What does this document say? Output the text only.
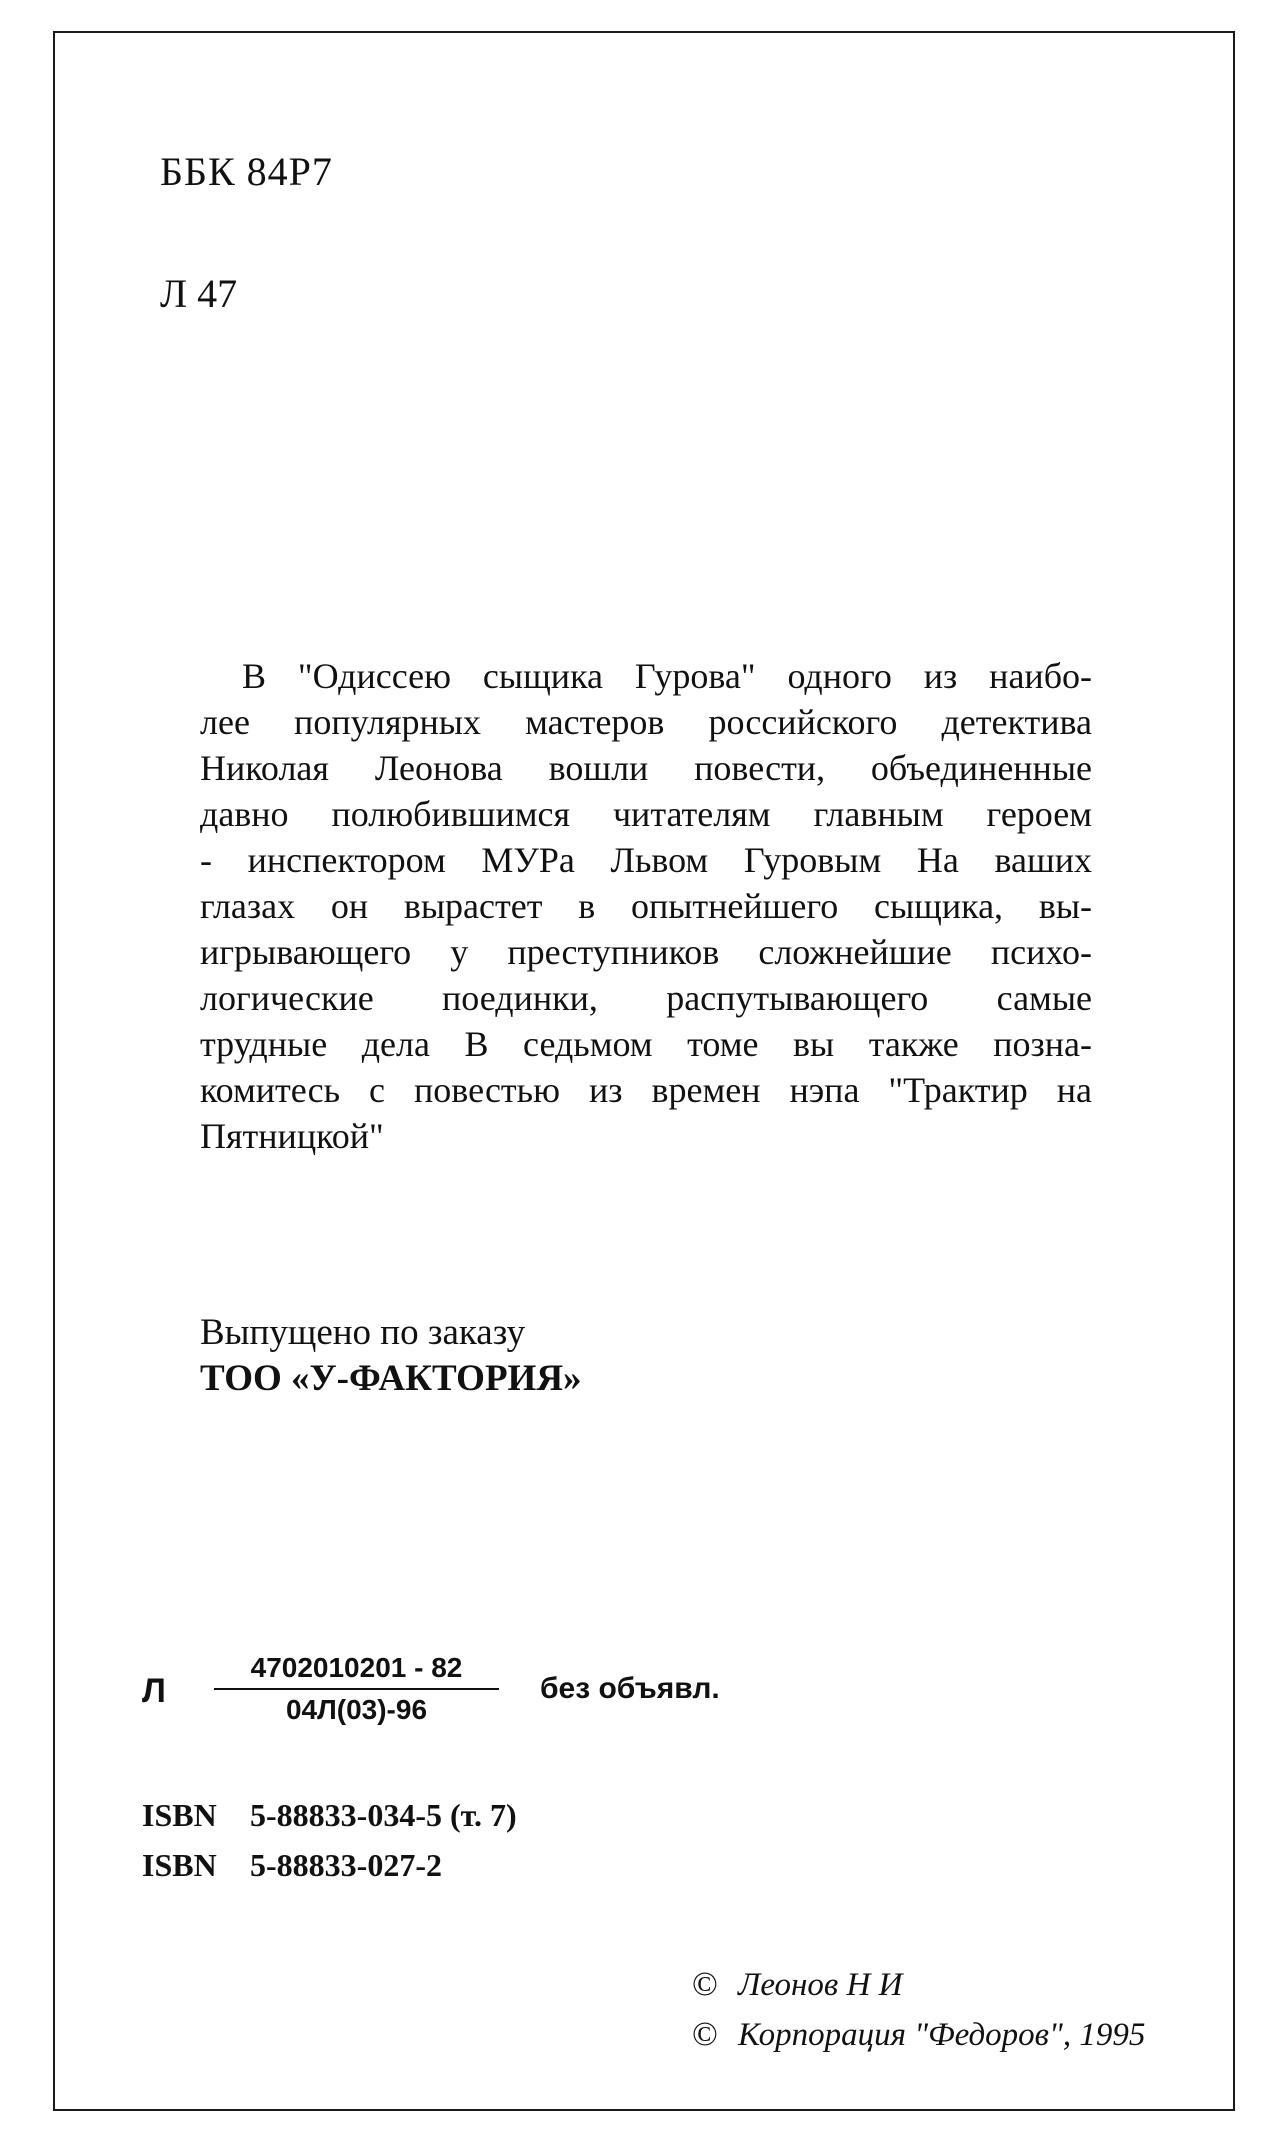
ББК 84Р7
Л 47
В "Одиссею сыщика Гурова" одного из наибо-
лее популярных мастеров российского детектива
Николая Леонова вошли повести, объединенные
давно полюбившимся читателям главным героем
- инспектором МУРа Львом Гуровым На ваших
глазах он вырастет в опытнейшего сыщика, вы-
игрывающего у преступников сложнейшие психо-
логические поединки, распутывающего самые
трудные дела В седьмом томе вы также позна-
комитесь с повестью из времен нэпа "Трактир на
Пятницкой"
Выпущено по заказу
ТОО «У-ФАКТОРИЯ»
Л
4702010201 - 82
04Л(03)-96
без объявл.
ISBN 5-88833-034-5 (т. 7)
ISBN 5-88833-027-2
© Леонов Н И
© Корпорация "Федоров", 1995
